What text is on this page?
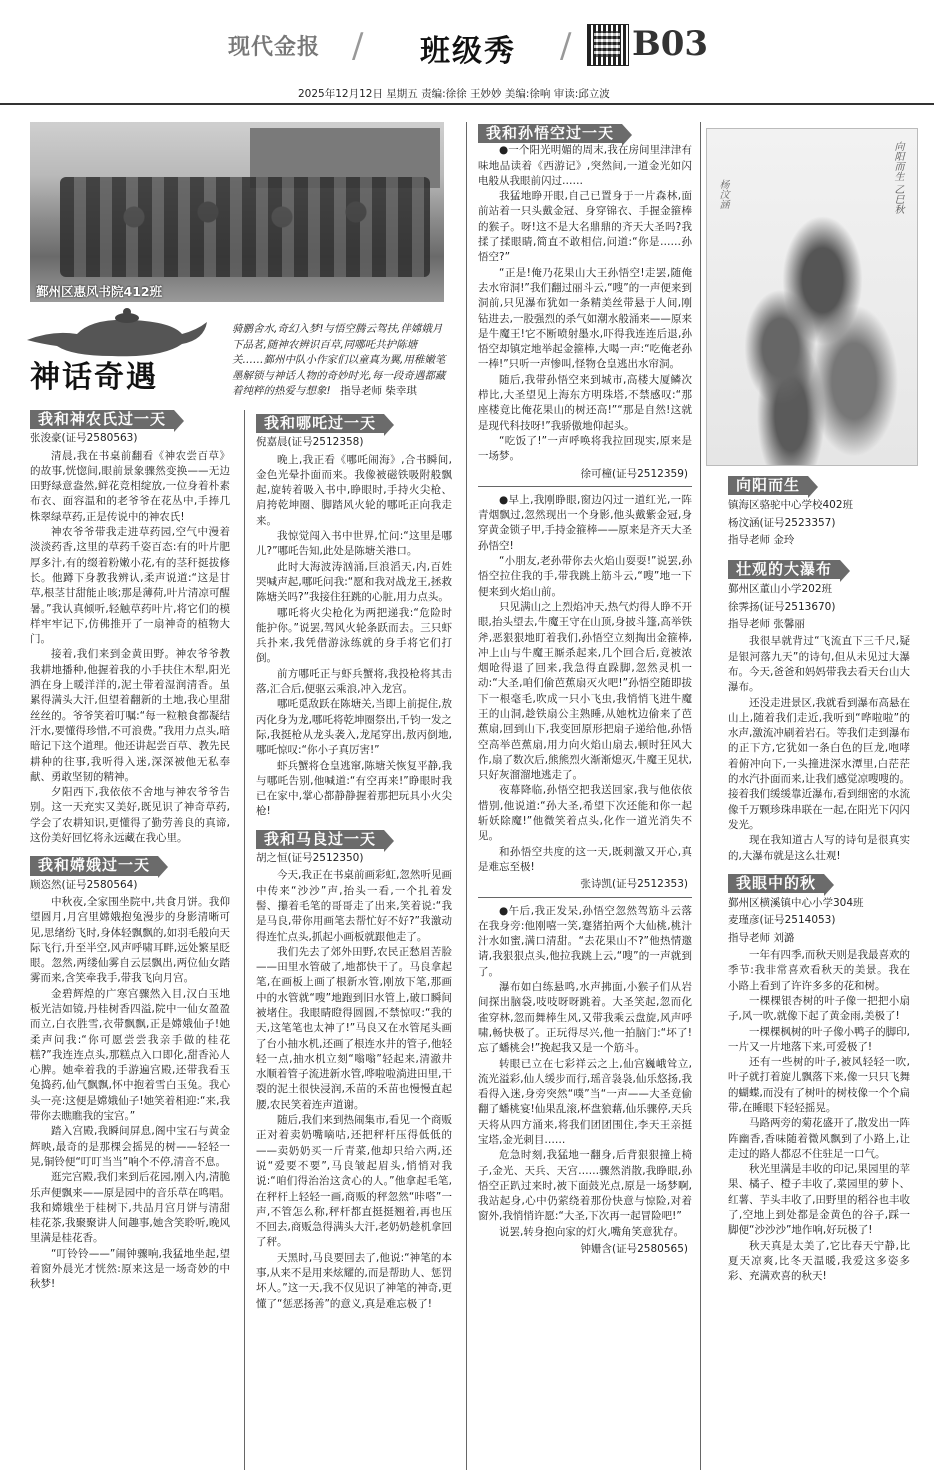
现代金报 / 班级秀 / B03
2025年12月12日 星期五 责编:徐徐 王妙妙 美编:徐响 审读:邱立波
鄞州区惠风书院412班
神话奇遇
骑鹏舍水,奇幻入梦!与悟空腾云驾扶,伴嫦娥月下品茗,随神农辨识百草,同哪吒共护陈塘关……鄞州中队小作家们以童真为翼,用稚嫩笔墨解锁与神话人物的奇妙时光,每一段奇遇都藏着纯粹的热爱与想象! 指导老师 柴幸琪
我和神农氏过一天
张浚豪(证号2580563)

清晨,我在书桌前翻看《神农尝百草》的故事,恍惚间,眼前景象骤然变换——无边田野绿意盎然,鲜花竞相绽放,一位身着朴素布衣、面容温和的老爷爷在花丛中,手捧几株翠绿草药,正是传说中的神农氏!

神农爷爷带我走进草药园,空气中漫着淡淡药香,这里的草药千姿百态:有的叶片肥厚多汁,有的缀着粉嫩小花,有的茎秆挺拔修长。他蹲下身教我辨认,柔声说道:“这是甘草,根茎甘甜能止咳;那是薄荷,叶片清凉可醒暑。”我认真倾听,轻触草药叶片,将它们的模样牢牢记下,仿佛推开了一扇神奇的植物大门。

接着,我们来到金黄田野。神农爷爷教我耕地播种,他握着我的小手扶住木犁,阳光洒在身上暖洋洋的,泥土带着湿润清香。虽累得满头大汗,但望着翻新的土地,我心里甜丝丝的。爷爷笑着叮嘱:“每一粒粮食都凝结汗水,要懂得珍惜,不可浪费。”我用力点头,暗暗记下这个道理。他还讲起尝百草、教先民耕种的往事,我听得入迷,深深被他无私奉献、勇敢坚韧的精神。

夕阳西下,我依依不舍地与神农爷爷告别。这一天充实又美好,既见识了神奇草药,学会了农耕知识,更懂得了勤劳善良的真谛,这份美好回忆将永远藏在我心里。

我和嫦娥过一天
顾恣然(证号2580564)

中秋夜,全家围坐院中,共食月饼。我仰望圆月,月宫里嫦娥抱兔漫步的身影清晰可见,思绪纷飞时,身体轻飘飘的,如羽毛般向天际飞行,升至半空,风声呼啸耳畔,远处繁星眨眼。忽然,两缕仙雾自云层飘出,两位仙女踏雾而来,含笑牵我手,带我飞向月宫。

金碧辉煌的广寒宫骤然入目,汉白玉地板光洁如镜,丹桂树香四溢,院中一仙女盈盈而立,白衣胜雪,衣带飘飘,正是嫦娥仙子!她柔声问我:“你可愿尝尝我亲手做的桂花糕?”我连连点头,那糕点入口即化,甜香沁人心脾。她牵着我的手游遍宫殿,还带我看玉兔捣药,仙气飘飘,怀中抱着雪白玉兔。我心头一亮:这便是嫦娥仙子!她笑着相迎:“来,我带你去瞧瞧我的宝宫。”

踏入宫殿,我瞬间屏息,阁中宝石与黄金辉映,最奇的是那棵会摇晃的树——轻轻一晃,铜铃便“叮叮当当”响个不停,清音不息。

逛完宫殿,我们来到后花园,刚入内,清脆乐声便飘来——原是园中的音乐草在鸣唱。我和嫦娥坐于桂树下,共品月宫月饼与清甜桂花茶,我聚聚讲人间趣事,她含笑聆听,晚风里满是桂花香。

“叮铃铃——”闹钟骤响,我猛地坐起,望着窗外晨光才恍然:原来这是一场奇妙的中秋梦!

我和哪吒过一天
倪嘉晨(证号2512358)

晚上,我正看《哪吒闹海》,合书瞬间,金色光晕扑面而来。我像被磁铁吸附般飘起,旋转着吸入书中,睁眼时,手持火尖枪、肩挎乾坤圈、脚踏风火轮的哪吒正向我走来。

我惊觉闯入书中世界,忙问:“这里是哪儿?”哪吒告知,此处是陈塘关港口。

此时大海波涛汹涌,巨浪滔天,内,百姓哭喊声起,哪吒问我:“愿和我对战龙王,拯救陈塘关吗?”我接住狂跳的心脏,用力点头。

哪吒将火尖枪化为两把递我:“危险时能护你。”说罢,驾风火轮条跃而去。三只虾兵扑来,我凭借游泳练就的身手将它们打倒。

前方哪吒正与虾兵蟹将,我投枪将其击落,汇合后,便驱云乘浪,冲入龙宫。

哪吒觅敌跃在陈塘关,当即上前捉住,敖丙化身为龙,哪吒将乾坤圈祭出,千钧一发之际,我挺枪从龙头袭入,龙尾穿出,敖丙倒地,哪吒惊叹:“你小子真厉害!”

虾兵蟹将仓皇逃窜,陈塘关恢复平静,我与哪吒告别,他喊道:“有空再来!”睁眼时我已在家中,掌心都静静握着那把玩具小火尖枪!

我和马良过一天
胡之恒(证号2512350)

今天,我正在书桌前画彩虹,忽然听见画中传来“沙沙”声,抬头一看,一个扎着发髻、攥着毛笔的哥哥走了出来,笑着说:“我是马良,带你用画笔去帮忙好不好?”我激动得连忙点头,抓起小画板就跟他走了。

我们先去了郊外田野,农民正愁眉苦脸——田里水管破了,地都快干了。马良拿起笔,在画板上画了根新水管,刚放下笔,那画中的水管就“嗖”地跑到旧水管上,破口瞬间被堵住。我眼睛瞪得圆圆,不禁惊叹:“我的天,这笔笔也太神了!”马良又在水管尾头画了台小抽水机,还画了根连水井的管子,他轻轻一点,抽水机立刻“嗡嗡”轻起来,清澈井水顺着管子流进新水管,哗啦啦淌进田里,干裂的泥土很快浸润,禾苗的禾苗也慢慢直起腰,农民笑着连声道谢。

随后,我们来到热闹集市,看见一个商贩正对着卖奶嘴嘀咕,还把秤杆压得低低的——卖奶奶买一斤青菜,他却只给六两,还说“爱要不要”,马良皱起眉头,悄悄对我说:“咱们得治治这贪心的人。”他拿起毛笔,在秤杆上轻轻一画,商贩的秤忽然“咔嗒”一声,不管怎么称,秤杆都直挺挺翘着,再也压不回去,商贩急得满头大汗,老奶奶趁机拿回了秤。

天黑时,马良要回去了,他说:“神笔的本事,从来不是用来炫耀的,而是帮助人、惩罚坏人。”这一天,我不仅见识了神笔的神奇,更懂了“惩恶扬善”的意义,真是难忘极了!

我和孙悟空过一天

●一个阳光明媚的周末,我在房间里津津有味地品读着《西游记》,突然间,一道金光如闪电般从我眼前闪过……

我猛地睁开眼,自己已置身于一片森林,面前站着一只头戴金冠、身穿锦衣、手握金箍棒的猴子。呀!这不是大名鼎鼎的齐天大圣吗?我揉了揉眼睛,简直不敢相信,问道:“你是……孙悟空?”

“正是!俺乃花果山大王孙悟空!走罢,随俺去水帘洞!”我们翻过丽斗云,“嗖”的一声便来到洞前,只见瀑布犹如一条精美丝带悬于人间,刚钻进去,一股强烈的杀气如潮水般涌来——原来是牛魔王!它不断喷射墨水,吓得我连连后退,孙悟空却镇定地举起金箍棒,大喝一声:“吃俺老孙一棒!”只听一声惨叫,怪物仓皇逃出水帘洞。

随后,我带孙悟空来到城市,高楼大厦鳞次栉比,大圣望见上海东方明珠塔,不禁感叹:“那座楼竟比俺花果山的树还高!”“那是自然!这就是现代科技呀!”我骄傲地仰起头。

“吃饭了!”一声呼唤将我拉回现实,原来是一场梦。

徐可橦(证号2512359)

●早上,我刚睁眼,窗边闪过一道红光,一阵青烟飘过,忽然现出一个身影,他头戴紫金冠,身穿黄金锁子甲,手持金箍棒——原来是齐天大圣孙悟空!

“小朋友,老孙带你去火焰山耍耍!”说罢,孙悟空拉住我的手,带我跳上筋斗云,“嗖”地一下便来到火焰山前。

只见满山之上烈焰冲天,热气灼得人睁不开眼,抬头望去,牛魔王守在山顶,身披斗篷,高举铁斧,恶狠狠地盯着我们,孙悟空立刻掏出金箍棒,冲上山与牛魔王厮杀起来,几个回合后,竟被浓烟呛得退了回来,我急得直跺脚,忽然灵机一动:“大圣,咱们偷芭蕉扇灭火吧!”孙悟空随即拔下一根毫毛,吹成一只小飞虫,我悄悄飞进牛魔王的山洞,趁铁扇公主熟睡,从她枕边偷来了芭蕉扇,回到山下,我变回原形把扇子递给他,孙悟空高举芭蕉扇,用力向火焰山扇去,顿时狂风大作,扇了数次后,熊熊烈火渐渐熄灭,牛魔王见状,只好灰溜溜地逃走了。

夜幕降临,孙悟空把我送回家,我与他依依惜别,他说道:“孙大圣,希望下次还能和你一起斩妖除魔!”他微笑着点头,化作一道光消失不见。

和孙悟空共度的这一天,既刺激又开心,真是难忘至极!

张诗凯(证号2512353)

●午后,我正发呆,孙悟空忽然驾筋斗云落在我身旁:他刚嘻一笑,蹇猪拍两个大仙桃,桃汁汁水如蜜,满口清甜。“去花果山不?”他热情邀请,我狠狠点头,他拉我跳上云,“嗖”的一声就到了。

瀑布如白练悬鸣,水声拂面,小猴子们从岩间探出脑袋,吱吱呀呀跳着。大圣笑起,忽而化雀穿林,忽而舞棒生风,又带我乘云盘旋,风声呼啸,畅快极了。正玩得尽兴,他一拍脑门:“坏了!忘了蟠桃会!”挽起我又是一个筋斗。

转眼已立在七彩祥云之上,仙宫巍峨耸立,流光溢彩,仙人缓步而行,瑶音袅袅,仙乐悠扬,我看得入迷,身旁突然“噗”当“一声——大圣竟偷翻了蟠桃宴!仙果乱滚,杯盘狼藉,仙乐骤停,天兵天将从四方涌来,将我们团团围住,李天王亲挺宝塔,金光刺目……

危急时刻,我猛地一翻身,后背狠狠撞上椅子,金光、天兵、天宫……骤然消散,我睁眼,孙悟空正趴过来时,被下面鼓光点,原是一场梦啊,我站起身,心中仍萦绕着那份快意与惊险,对着窗外,我悄悄许愿:“大圣,下次再一起冒险吧!”

说罢,转身抱向家的灯火,嘴角笑意犹存。

钟姗含(证号2580565)
向阳而生 乙巳秋
杨汶涵
向阳而生
镇海区骆驼中心学校402班
杨汶涵(证号2523357)
指导老师 金玲
壮观的大瀑布
鄞州区董山小学202班
徐霁扬(证号2513670)
指导老师 张馨丽

我很早就背过“飞流直下三千尺,疑是银河落九天”的诗句,但从未见过大瀑布。今天,爸爸和妈妈带我去看天台山大瀑布。

还没走进景区,我就看到瀑布高悬在山上,随着我们走近,我听到“哗啦啦”的水声,激流冲刷着岩石。等我们走到瀑布的正下方,它犹如一条白色的巨龙,咆哮着俯冲向下,一头撞进深水潭里,白茫茫的水汽扑面而来,让我们感觉凉嗖嗖的。接着我们缓缓靠近瀑布,看到细密的水流像千万颗珍珠串联在一起,在阳光下闪闪发光。

现在我知道古人写的诗句是很真实的,大瀑布就是这么壮观!

我眼中的秋
鄞州区横溪镇中心小学304班
麦瑾彦(证号2514053)
指导老师 刘潞

一年有四季,而秋天则是我最喜欢的季节:我非常喜欢看秋天的美景。我在小路上看到了许许多多的花和树。

一棵棵银杏树的叶子像一把把小扇子,风一吹,就像下起了黄金雨,美极了!

一棵棵枫树的叶子像小鸭子的脚印,一片又一片地落下来,可爱极了!

还有一些树的叶子,被风轻轻一吹,叶子就打着旋儿飘落下来,像一只只飞舞的蝴蝶,而没有了树叶的树枝像一个个扁带,在睡眼下轻轻摇晃。

马路两旁的菊花盛开了,散发出一阵阵幽香,香味随着微风飘到了小路上,让走过的路人都忍不住驻足一口气。

秋光里满是丰收的印记,果园里的苹果、橘子、橙子丰收了,菜园里的萝卜、红薯、芋头丰收了,田野里的稻谷也丰收了,空地上到处都是金黄色的谷子,踩一脚便“沙沙沙”地作响,好玩极了!

秋天真是太美了,它比春天宁静,比夏天凉爽,比冬天温暖,我爱这多姿多彩、充满欢喜的秋天!
